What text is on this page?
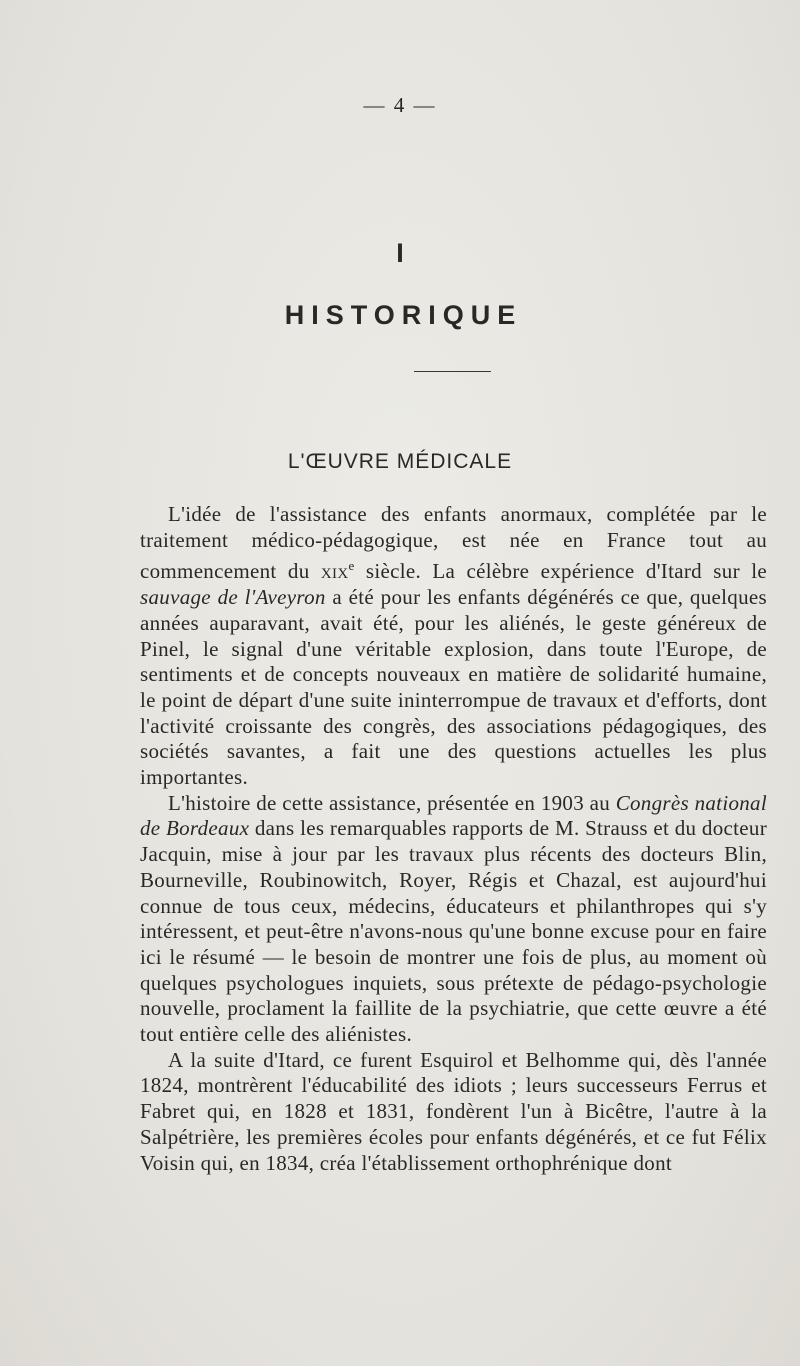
— 4 —
I
HISTORIQUE
L'ŒUVRE MÉDICALE

L'idée de l'assistance des enfants anormaux, complétée par le traitement médico-pédagogique, est née en France tout au commencement du xix$^e$ siècle. La célèbre expérience d'Itard sur le sauvage de l'Aveyron a été pour les enfants dégénérés ce que, quelques années auparavant, avait été, pour les aliénés, le geste généreux de Pinel, le signal d'une véritable explosion, dans toute l'Europe, de sentiments et de concepts nouveaux en matière de solidarité humaine, le point de départ d'une suite ininterrompue de travaux et d'efforts, dont l'activité croissante des congrès, des associations pédagogiques, des sociétés savantes, a fait une des questions actuelles les plus importantes.

L'histoire de cette assistance, présentée en 1903 au Congrès national de Bordeaux dans les remarquables rapports de M. Strauss et du docteur Jacquin, mise à jour par les travaux plus récents des docteurs Blin, Bourneville, Roubinowitch, Royer, Régis et Chazal, est aujourd'hui connue de tous ceux, médecins, éducateurs et philanthropes qui s'y intéressent, et peut-être n'avons-nous qu'une bonne excuse pour en faire ici le résumé — le besoin de montrer une fois de plus, au moment où quelques psychologues inquiets, sous prétexte de pédago-psychologie nouvelle, proclament la faillite de la psychiatrie, que cette œuvre a été tout entière celle des aliénistes.

A la suite d'Itard, ce furent Esquirol et Belhomme qui, dès l'année 1824, montrèrent l'éducabilité des idiots ; leurs successeurs Ferrus et Fabret qui, en 1828 et 1831, fondèrent l'un à Bicêtre, l'autre à la Salpétrière, les premières écoles pour enfants dégénérés, et ce fut Félix Voisin qui, en 1834, créa l'établissement orthophrénique dont
